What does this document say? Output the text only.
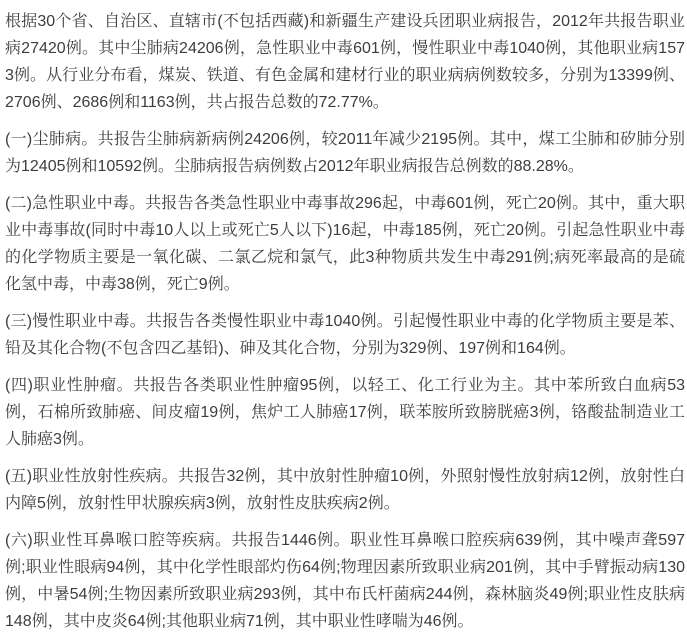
根据30个省、自治区、直辖市(不包括西藏)和新疆生产建设兵团职业病报告，2012年共报告职业病27420例。其中尘肺病24206例，急性职业中毒601例，慢性职业中毒1040例，其他职业病1573例。从行业分布看，煤炭、铁道、有色金属和建材行业的职业病病例数较多，分别为13399例、2706例、2686例和1163例，共占报告总数的72.77%。

(一)尘肺病。共报告尘肺病新病例24206例，较2011年减少2195例。其中，煤工尘肺和矽肺分别为12405例和10592例。尘肺病报告病例数占2012年职业病报告总例数的88.28%。

(二)急性职业中毒。共报告各类急性职业中毒事故296起，中毒601例，死亡20例。其中，重大职业中毒事故(同时中毒10人以上或死亡5人以下)16起，中毒185例，死亡20例。引起急性职业中毒的化学物质主要是一氧化碳、二氯乙烷和氯气，此3种物质共发生中毒291例;病死率最高的是硫化氢中毒，中毒38例，死亡9例。

(三)慢性职业中毒。共报告各类慢性职业中毒1040例。引起慢性职业中毒的化学物质主要是苯、铅及其化合物(不包含四乙基铅)、砷及其化合物，分别为329例、197例和164例。

(四)职业性肿瘤。共报告各类职业性肿瘤95例，以轻工、化工行业为主。其中苯所致白血病53例，石棉所致肺癌、间皮瘤19例，焦炉工人肺癌17例，联苯胺所致膀胱癌3例，铬酸盐制造业工人肺癌3例。

(五)职业性放射性疾病。共报告32例，其中放射性肿瘤10例，外照射慢性放射病12例，放射性白内障5例，放射性甲状腺疾病3例，放射性皮肤疾病2例。

(六)职业性耳鼻喉口腔等疾病。共报告1446例。职业性耳鼻喉口腔疾病639例，其中噪声聋597例;职业性眼病94例，其中化学性眼部灼伤64例;物理因素所致职业病201例，其中手臂振动病130例，中暑54例;生物因素所致职业病293例，其中布氏杆菌病244例，森林脑炎49例;职业性皮肤病148例，其中皮炎64例;其他职业病71例，其中职业性哮喘为46例。
